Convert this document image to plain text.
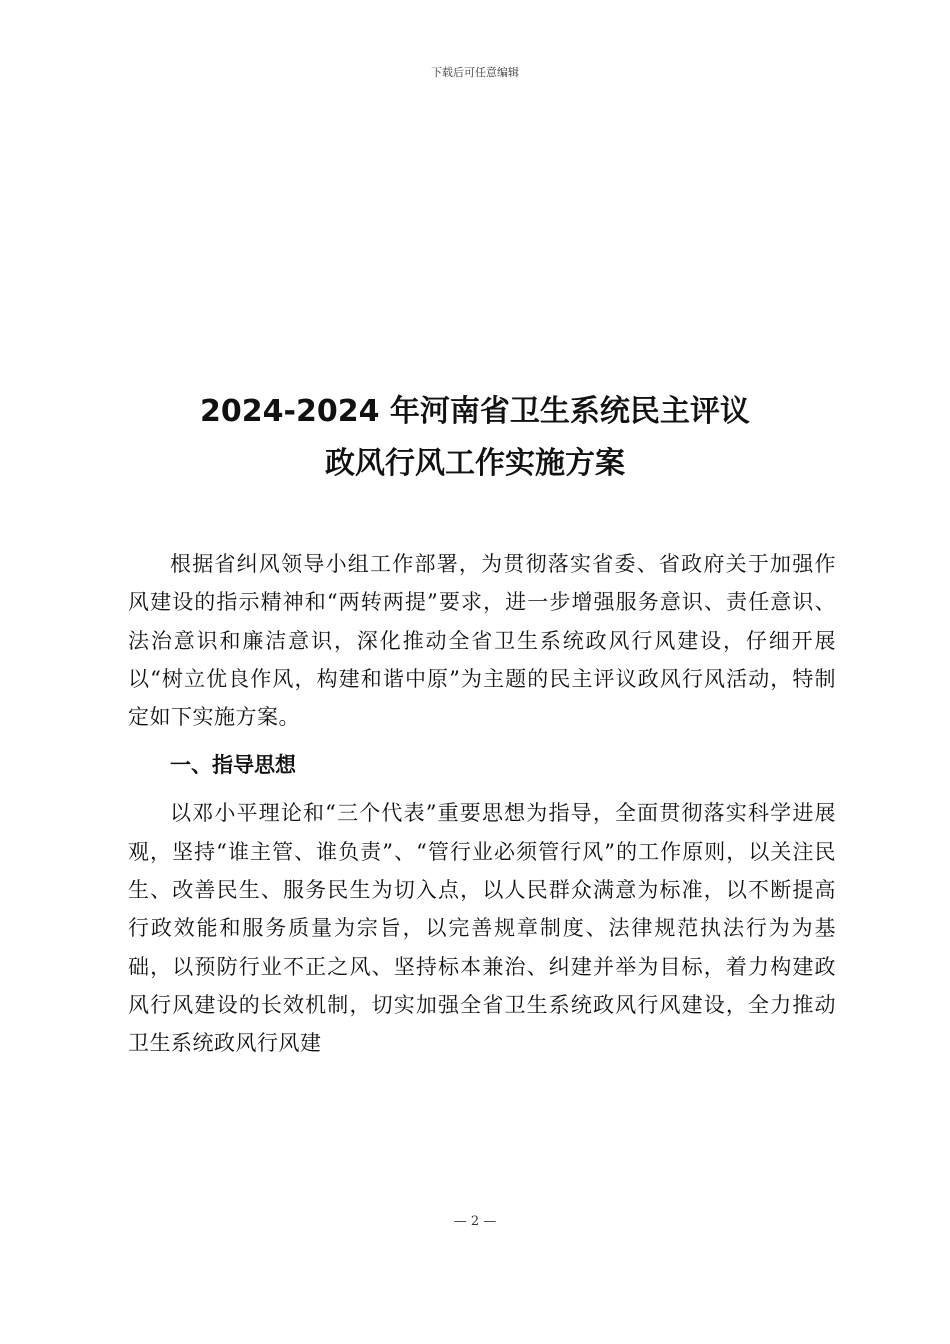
下载后可任意编辑
2024-2024 年河南省卫生系统民主评议
政风行风工作实施方案

根据省纠风领导小组工作部署，为贯彻落实省委、省政府关于加强作风建设的指示精神和“两转两提”要求，进一步增强服务意识、责任意识、法治意识和廉洁意识，深化推动全省卫生系统政风行风建设，仔细开展以“树立优良作风，构建和谐中原”为主题的民主评议政风行风活动，特制定如下实施方案。

一、指导思想

以邓小平理论和“三个代表”重要思想为指导，全面贯彻落实科学进展观，坚持“谁主管、谁负责”、“管行业必须管行风”的工作原则，以关注民生、改善民生、服务民生为切入点，以人民群众满意为标准，以不断提高行政效能和服务质量为宗旨，以完善规章制度、法律规范执法行为为基础，以预防行业不正之风、坚持标本兼治、纠建并举为目标，着力构建政风行风建设的长效机制，切实加强全省卫生系统政风行风建设，全力推动卫生系统政风行风建

— 2 —
